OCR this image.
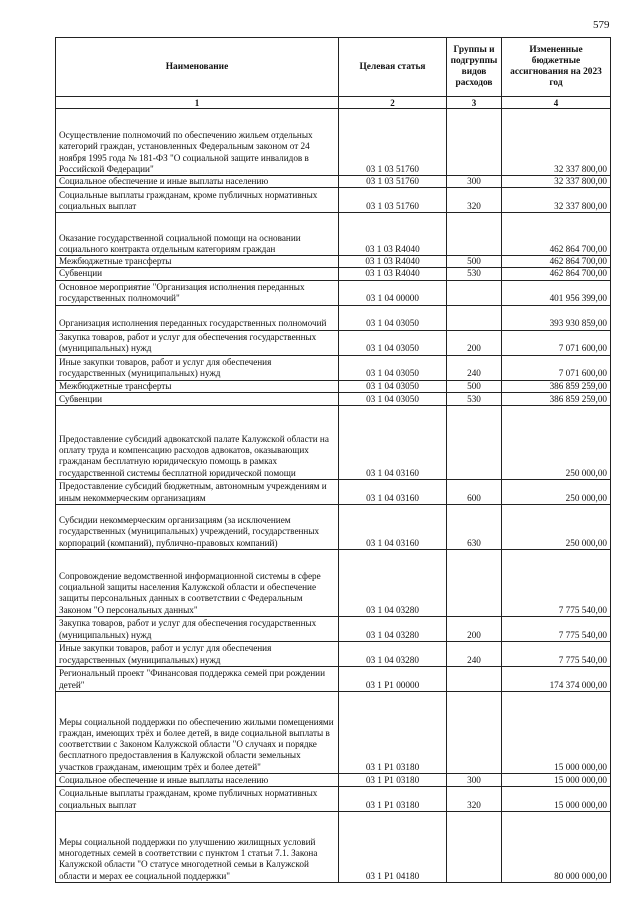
579
Наименование	Целевая статья	Группы и подгруппы видов расходов	Измененные бюджетные ассигнования на 2023 год
1	2	3	4
Осуществление полномочий по обеспечению жильем отдельных категорий граждан, установленных Федеральным законом от 24 ноября 1995 года № 181-ФЗ "О социальной защите инвалидов в Российской Федерации"	03 1 03 51760		32 337 800,00
Социальное обеспечение и иные выплаты населению	03 1 03 51760	300	32 337 800,00
Социальные выплаты гражданам, кроме публичных нормативных социальных выплат	03 1 03 51760	320	32 337 800,00
Оказание государственной социальной помощи на основании социального контракта отдельным категориям граждан	03 1 03 R4040		462 864 700,00
Межбюджетные трансферты	03 1 03 R4040	500	462 864 700,00
Субвенции	03 1 03 R4040	530	462 864 700,00
Основное мероприятие "Организация исполнения переданных государственных полномочий"	03 1 04 00000		401 956 399,00
Организация исполнения переданных государственных полномочий	03 1 04 03050		393 930 859,00
Закупка товаров, работ и услуг для обеспечения государственных (муниципальных) нужд	03 1 04 03050	200	7 071 600,00
Иные закупки товаров, работ и услуг для обеспечения государственных (муниципальных) нужд	03 1 04 03050	240	7 071 600,00
Межбюджетные трансферты	03 1 04 03050	500	386 859 259,00
Субвенции	03 1 04 03050	530	386 859 259,00
Предоставление субсидий адвокатской палате Калужской области на оплату труда и компенсацию расходов адвокатов, оказывающих гражданам бесплатную юридическую помощь в рамках государственной системы бесплатной юридической помощи	03 1 04 03160		250 000,00
Предоставление субсидий бюджетным, автономным учреждениям и иным некоммерческим организациям	03 1 04 03160	600	250 000,00
Субсидии некоммерческим организациям (за исключением государственных (муниципальных) учреждений, государственных корпораций (компаний), публично-правовых компаний)	03 1 04 03160	630	250 000,00
Сопровождение ведомственной информационной системы в сфере социальной защиты населения Калужской области и обеспечение защиты персональных данных в соответствии с Федеральным Законом "О персональных данных"	03 1 04 03280		7 775 540,00
Закупка товаров, работ и услуг для обеспечения государственных (муниципальных) нужд	03 1 04 03280	200	7 775 540,00
Иные закупки товаров, работ и услуг для обеспечения государственных (муниципальных) нужд	03 1 04 03280	240	7 775 540,00
Региональный проект "Финансовая поддержка семей при рождении детей"	03 1 P1 00000		174 374 000,00
Меры социальной поддержки по обеспечению жилыми помещениями граждан, имеющих трёх и более детей, в виде социальной выплаты в соответствии с Законом Калужской области "О случаях и порядке бесплатного предоставления в Калужской области земельных участков гражданам, имеющим трёх и более детей"	03 1 P1 03180		15 000 000,00
Социальное обеспечение и иные выплаты населению	03 1 P1 03180	300	15 000 000,00
Социальные выплаты гражданам, кроме публичных нормативных социальных выплат	03 1 P1 03180	320	15 000 000,00
Меры социальной поддержки по улучшению жилищных условий многодетных семей в соответствии с пунктом 1 статьи 7.1. Закона Калужской области "О статусе многодетной семьи в Калужской области и мерах ее социальной поддержки"	03 1 P1 04180		80 000 000,00
